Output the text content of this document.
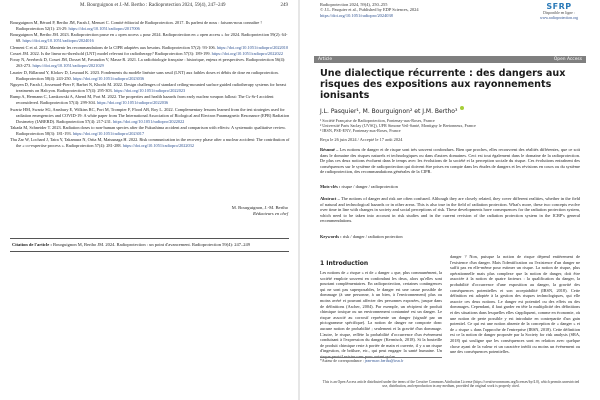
M. Bourguignon et J.-M. Bertho : Radioprotection 2024, 59(4), 247–249	249
Bourguignon M, Bérard P, Bertho JM, Farah J, Menuet C. Comité éditorial de Radioprotection. 2017. Ils parlent de nous : faisons-nous connaître ! Radioprotection 52(1): 23-29. https://doi.org/10.1051/radiopro/2017006
Bourguignon M, Bertho JM. 2023. Radioprotection passe en « open access » pour 2024. Radioprotection en « open access » for 2024. Radioprotection 59(2): 64-68. https://doi.org/10.1051/radiopro/2024016
Clement C et al. 2022. Mantenir les recommandations de la CIPR adaptées aux besoins. Radioprotection 57(2): 93-106. https://doi.org/10.1051/radiopro/2022010
Cosset JM. 2022. Is the linear no-threshold (LNT) model relevant for radiotherapy? Radioprotection 57(3): 189-199. https://doi.org/10.1051/radiopro/2022022
Foray N, Averbeck D, Cosset JM, Dosset M, Favaudon V, Masse R. 2021. La radiobiologie française : historique, enjeux et perspectives. Radioprotection 56(4): 263-273. https://doi.org/10.1051/radiopro/2021029
Laurier D, Billarand Y, Klokov D, Leuraud K. 2023. Fondements du modèle linéaire sans seuil (LNT) aux faibles doses et débits de dose en radioprotection. Radioprotection 58(4): 243-250. https://doi.org/10.1051/radiopro/2023036
Nguyen D, Farah J, Jossenard-Pierr F, Barbet N, Khodri M. 2022. Design challenges of standard ceiling-mounted surface guided radiotherapy systems for breast treatments on Halcyon. Radioprotection 57(4): 295-303. https://doi.org/10.1051/radiopro/2022023
Rump A, Hermann C, Lamkowski A, Abend M, Port M. 2022. The properties and health hazards from early nuclear weapon fallout: The Cs-Sr-I accident reconsidered. Radioprotection 57(4): 299-304. https://doi.org/10.1051/radiopro/2022036
Swartz HM, Swartz SG, Amsbury E, Wilkins RC, Port M, Trompier F, Flood AB, Roy L. 2022. Complementary lessons learned from the test strategies used for radiation emergencies and COVID-19: A white paper from The International Association of Biological and Electron Paramagnetic Resonance (EPR) Radiation Dosimetry (IABERD). Radioprotection 57(4): 217-231. https://doi.org/10.1051/radiopro/2022022
Takada M, Schneider T. 2023. Radiation doses to non-human species after the Fukushima accident and comparison with effects: A systematic qualitative review. Radioprotection 58(3): 181-193. https://doi.org/10.1051/radiopro/2023017
Thu Zar W, Lochard J, Taira Y, Takamura N, Orita M, Matsunaga H. 2022. Risk communication in the recovery phase after a nuclear accident: The contribution of the « co-expertise process ». Radioprotection 57(4): 281-288. https://doi.org/10.1051/radiopro/2022032
M. Bourguignon, J.-M. Bertho
Rédacteurs en chef
Citation de l'article : Bourguignon M, Bertho JM. 2024. Radioprotection : un point d'avancement. Radioprotection 59(4): 247–249
Radioprotection 2024, 59(4), 250–255
© J.L. Pasquier et al., Published by EDP Sciences, 2024
https://doi.org/10.1051/radiopro/2024038
SFRP
Disponible en ligne :
www.radioprotection.org
Article	Open Access
Une dialectique récurrente : des dangers aux risques des expositions aux rayonnements ionisants
J.L. Pasquier¹, M. Bourguignon² et J.M. Bertho³
¹ Société Française de Radioprotection, Fontenay-aux-Roses, France
² Université Paris Saclay (UVSQ), UFR Simone Veil-Santé, Montigny le Bretonneux, France
³ IRSN, PSE-ENV, Fontenay-aux-Roses, France
Reçu le 26 juin 2024 / Accepté le 17 août 2024
Résumé – Les notions de danger et de risque sont très souvent confondues. Bien que proches, elles recouvrent des réalités différentes, que ce soit dans le domaine des risques naturels et technologiques ou dans d'autres domaines. Ceci est tout également dans le domaine de la radioprotection. De plus ces deux notions évoluent dans le temps avec les évolutions de la société et la perception sociale du risque. Ces évolutions entraînent des conséquences sur le système de radioprotection qui doivent être prises en compte dans les études de dangers et les révisions en cours ou du système de radioprotection, des recommandations générales de la CIPR.
Mots-clés : risque / danger / radioprotection
Abstract – The notions of danger and risk are often confused. Although they are closely related, they cover different realities, whether in the field of natural and technological hazards or in other areas. This is also true in the field of radiation protection. What's more, these two concepts evolve over time in line with changes in society and social perceptions of risk. These developments have consequences for the radiation protection system, which need to be taken into account in risk studies and in the current revision of the radiation protection system in the ICRP's general recommendations.
Keywords : risk / danger / radiation protection
1 Introduction
Les notions de « risque » et de « danger » que, plus communément, la société emploie souvent en confondant les deux, alors qu'elles sont pourtant complémentaires. En radioprotection, certaines contingences qui ne sont pas superposables, le danger est une cause possible de dommage (à une personne, à un bien, à l'environnement) plus ou moins avéré et pouvant affecter des personnes exposées, jusque dans de définitions (Ascher, 2004). Par exemple, un récipient de produit chimique toxique ou un environnement contaminé est un danger. Le risque associé au corrosif représente un danger (signalé par un pictogramme spécifique). La notion de danger ne comporte donc aucune notion de probabilité ; seulement et la gravité d'un dommage. L'autre, le risque, reflète la probabilité d'occurrence d'un événement conduisant à l'expression du danger (Kermisch, 2018). Si la bouteille de produit chimique reste à portée de main et ouverte, il y a un risque d'ingestion, de brûlure, etc., qui peut engager la santé humaine. Un risque peut-il exister sans pour autant qu'un
danger ? Non, puisque la notion de risque dépend entièrement de l'existence d'un danger. Mais l'identification ou l'existence d'un danger ne suffit pas en elle-même pour estimer un risque. La notion de risque, plus opérationnelle mais plus complexe que la notion de danger, doit être associée à la notion de quatre facteurs : la qualification du danger, la probabilité d'occurrence d'une exposition au danger, la gravité des conséquences potentielles et son acceptabilité (IRSN, 2018). Cette définition est adoptée à la gestion des risques technologiques, qui elle associe ces deux notions. Le danger est potentiel ou des effets ou des dommages. Cependant, il faut garder en tête la multiplicité des définitions et des situations dans lesquelles elles s'appliquent, comme en économie, où une notion de perte possible y est introduite en contrepartie d'un gain potentiel. Ce qui est une notion absente de la conception de « danger » et de « risque » dans l'approche de l'entreprise (IRSN, 2018). Cette définition est ce la notion de danger proposée par la Society for risk analysis (SRA, 2018) qui souligne que les conséquences sont en relation avec quelque chose ayant de la valeur et un caractère inédit ou moins un événement ou une des conséquences potentielles.
*Auteur de correspondance : jean-marc.bertho@irsn.fr
This is an Open Access article distributed under the terms of the Creative Commons Attribution License (https://creativecommons.org/licenses/by/4.0), which permits unrestricted use, distribution, and reproduction in any medium, provided the original work is properly cited.
